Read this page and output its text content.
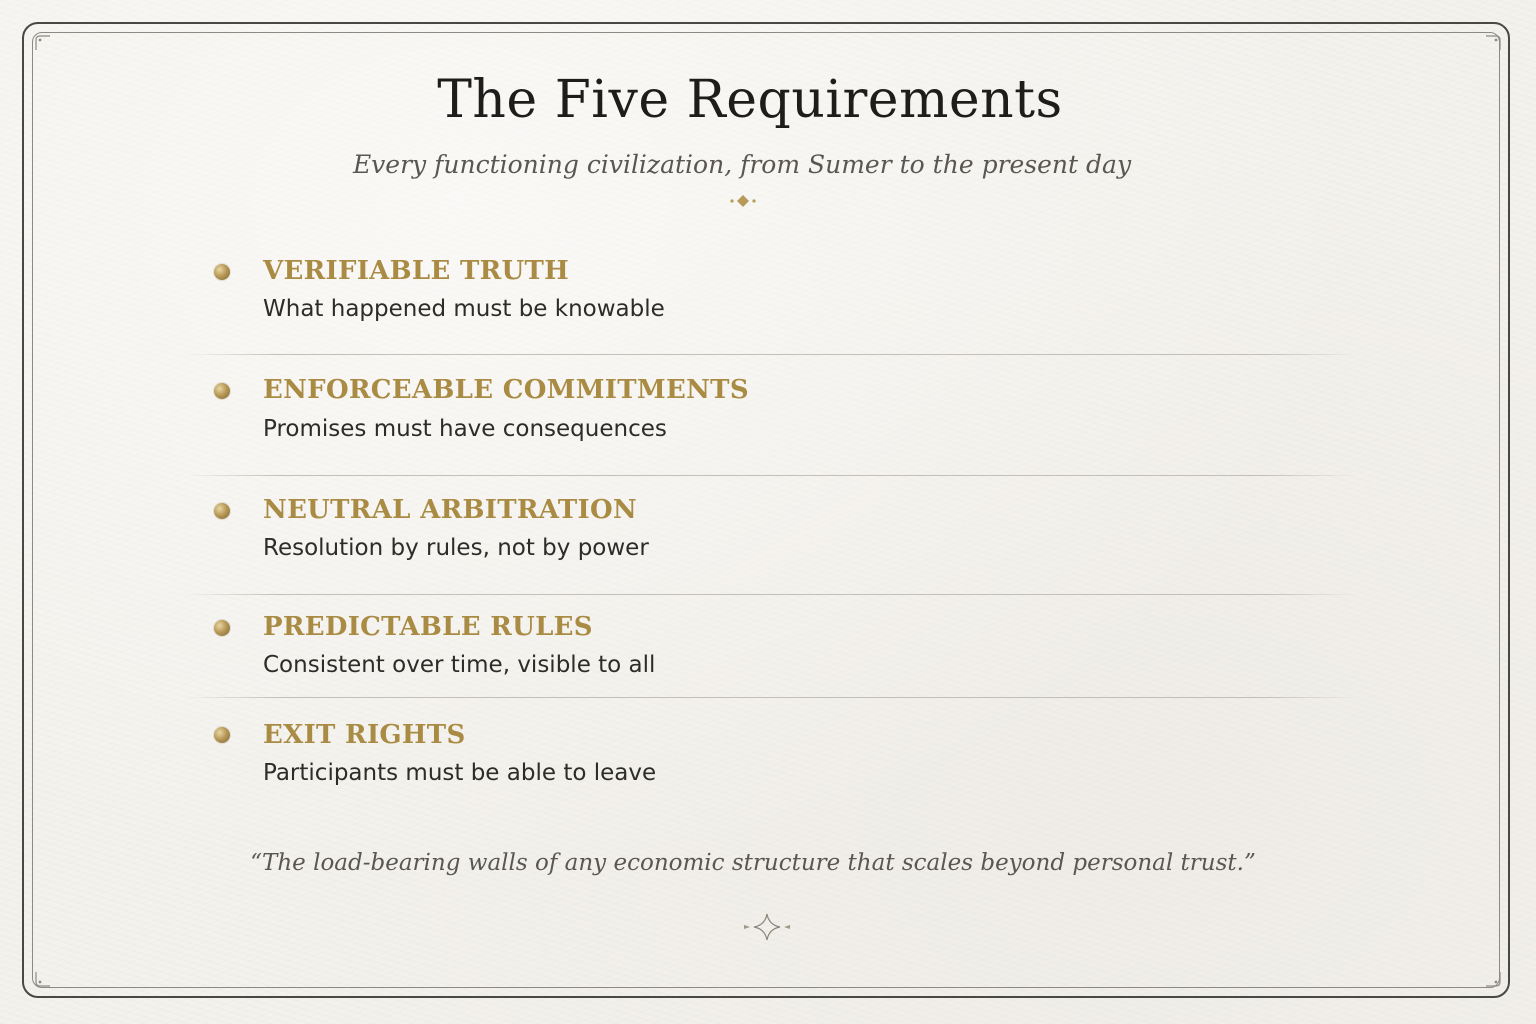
The Five Requirements
Every functioning civilization, from Sumer to the present day
VERIFIABLE TRUTH
What happened must be knowable
ENFORCEABLE COMMITMENTS
Promises must have consequences
NEUTRAL ARBITRATION
Resolution by rules, not by power
PREDICTABLE RULES
Consistent over time, visible to all
EXIT RIGHTS
Participants must be able to leave
“The load-bearing walls of any economic structure that scales beyond personal trust.”
